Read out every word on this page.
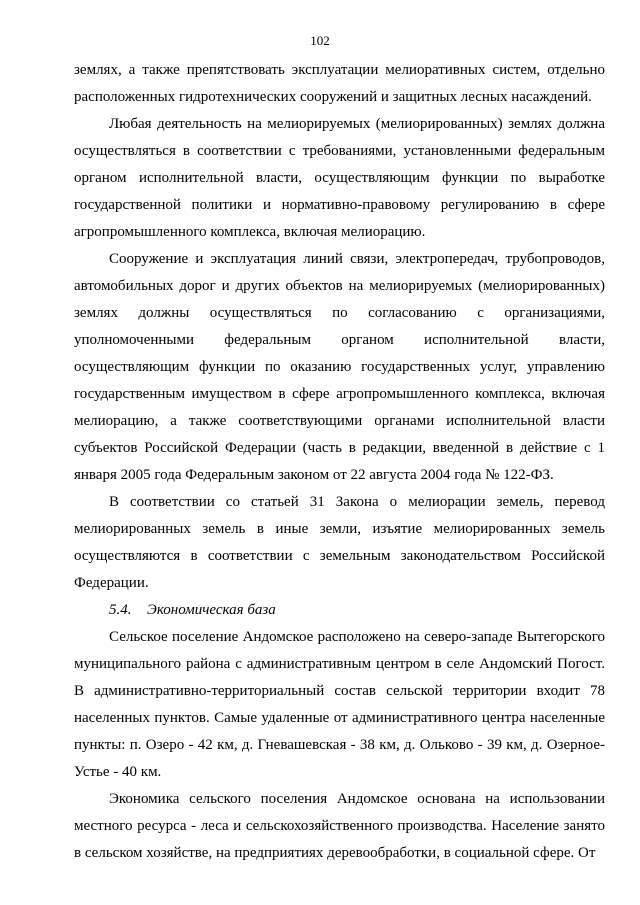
102

землях, а также препятствовать эксплуатации мелиоративных систем, отдельно расположенных гидротехнических сооружений и защитных лесных насаждений.

Любая деятельность на мелиорируемых (мелиорированных) землях должна осуществляться в соответствии с требованиями, установленными федеральным органом исполнительной власти, осуществляющим функции по выработке государственной политики и нормативно-правовому регулированию в сфере агропромышленного комплекса, включая мелиорацию.

Сооружение и эксплуатация линий связи, электропередач, трубопроводов, автомобильных дорог и других объектов на мелиорируемых (мелиорированных) землях должны осуществляться по согласованию с организациями, уполномоченными федеральным органом исполнительной власти, осуществляющим функции по оказанию государственных услуг, управлению государственным имуществом в сфере агропромышленного комплекса, включая мелиорацию, а также соответствующими органами исполнительной власти субъектов Российской Федерации (часть в редакции, введенной в действие с 1 января 2005 года Федеральным законом от 22 августа 2004 года № 122-ФЗ.

В соответствии со статьей 31 Закона о мелиорации земель, перевод мелиорированных земель в иные земли, изъятие мелиорированных земель осуществляются в соответствии с земельным законодательством Российской Федерации.

5.4. Экономическая база

Сельское поселение Андомское расположено на северо-западе Вытегорского муниципального района с административным центром в селе Андомский Погост. В административно-территориальный состав сельской территории входит 78 населенных пунктов. Самые удаленные от административного центра населенные пункты: п. Озеро - 42 км, д. Гневашевская - 38 км, д. Ольково - 39 км, д. Озерное-Устье - 40 км.

Экономика сельского поселения Андомское основана на использовании местного ресурса - леса и сельскохозяйственного производства. Население занято в сельском хозяйстве, на предприятиях деревообработки, в социальной сфере. От
